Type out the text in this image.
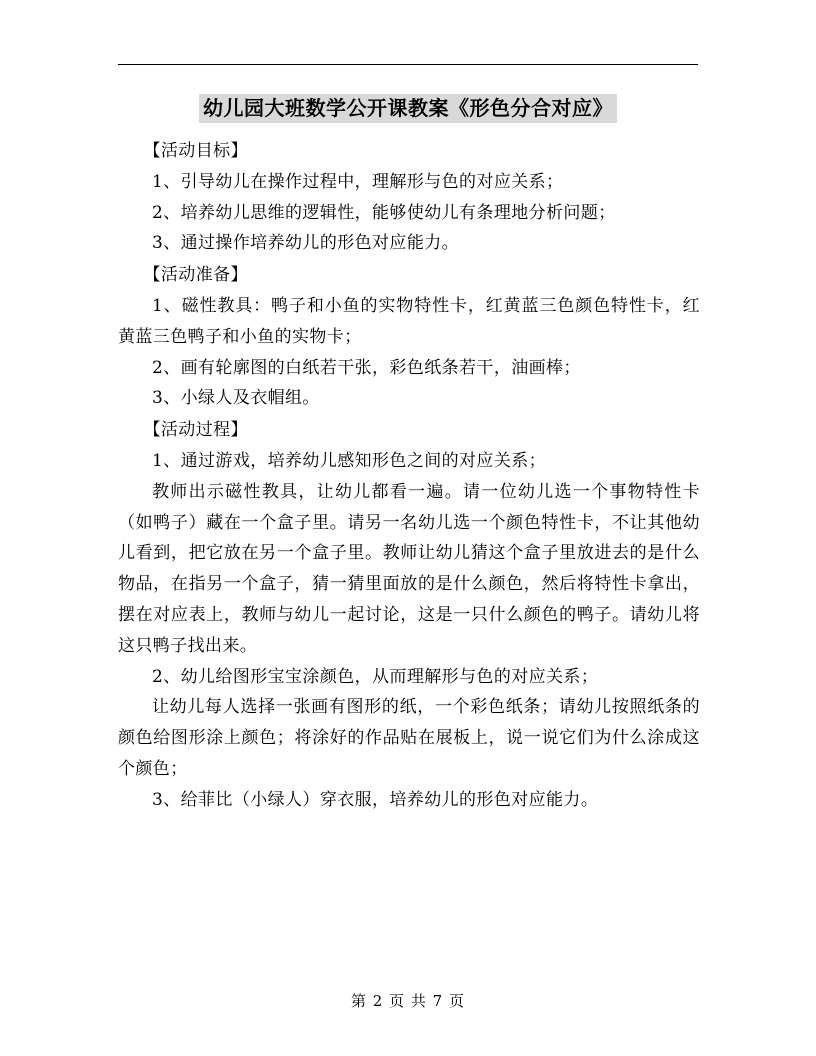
幼儿园大班数学公开课教案《形色分合对应》

【活动目标】

1、引导幼儿在操作过程中，理解形与色的对应关系；

2、培养幼儿思维的逻辑性，能够使幼儿有条理地分析问题；

3、通过操作培养幼儿的形色对应能力。

【活动准备】

1、磁性教具：鸭子和小鱼的实物特性卡，红黄蓝三色颜色特性卡，红黄蓝三色鸭子和小鱼的实物卡；

2、画有轮廓图的白纸若干张，彩色纸条若干，油画棒；

3、小绿人及衣帽组。

【活动过程】

1、通过游戏，培养幼儿感知形色之间的对应关系；

教师出示磁性教具，让幼儿都看一遍。请一位幼儿选一个事物特性卡（如鸭子）藏在一个盒子里。请另一名幼儿选一个颜色特性卡，不让其他幼儿看到，把它放在另一个盒子里。教师让幼儿猜这个盒子里放进去的是什么物品，在指另一个盒子，猜一猜里面放的是什么颜色，然后将特性卡拿出，摆在对应表上，教师与幼儿一起讨论，这是一只什么颜色的鸭子。请幼儿将这只鸭子找出来。

2、幼儿给图形宝宝涂颜色，从而理解形与色的对应关系；

让幼儿每人选择一张画有图形的纸，一个彩色纸条；请幼儿按照纸条的颜色给图形涂上颜色；将涂好的作品贴在展板上，说一说它们为什么涂成这个颜色；

3、给菲比（小绿人）穿衣服，培养幼儿的形色对应能力。

第 2 页 共 7 页
